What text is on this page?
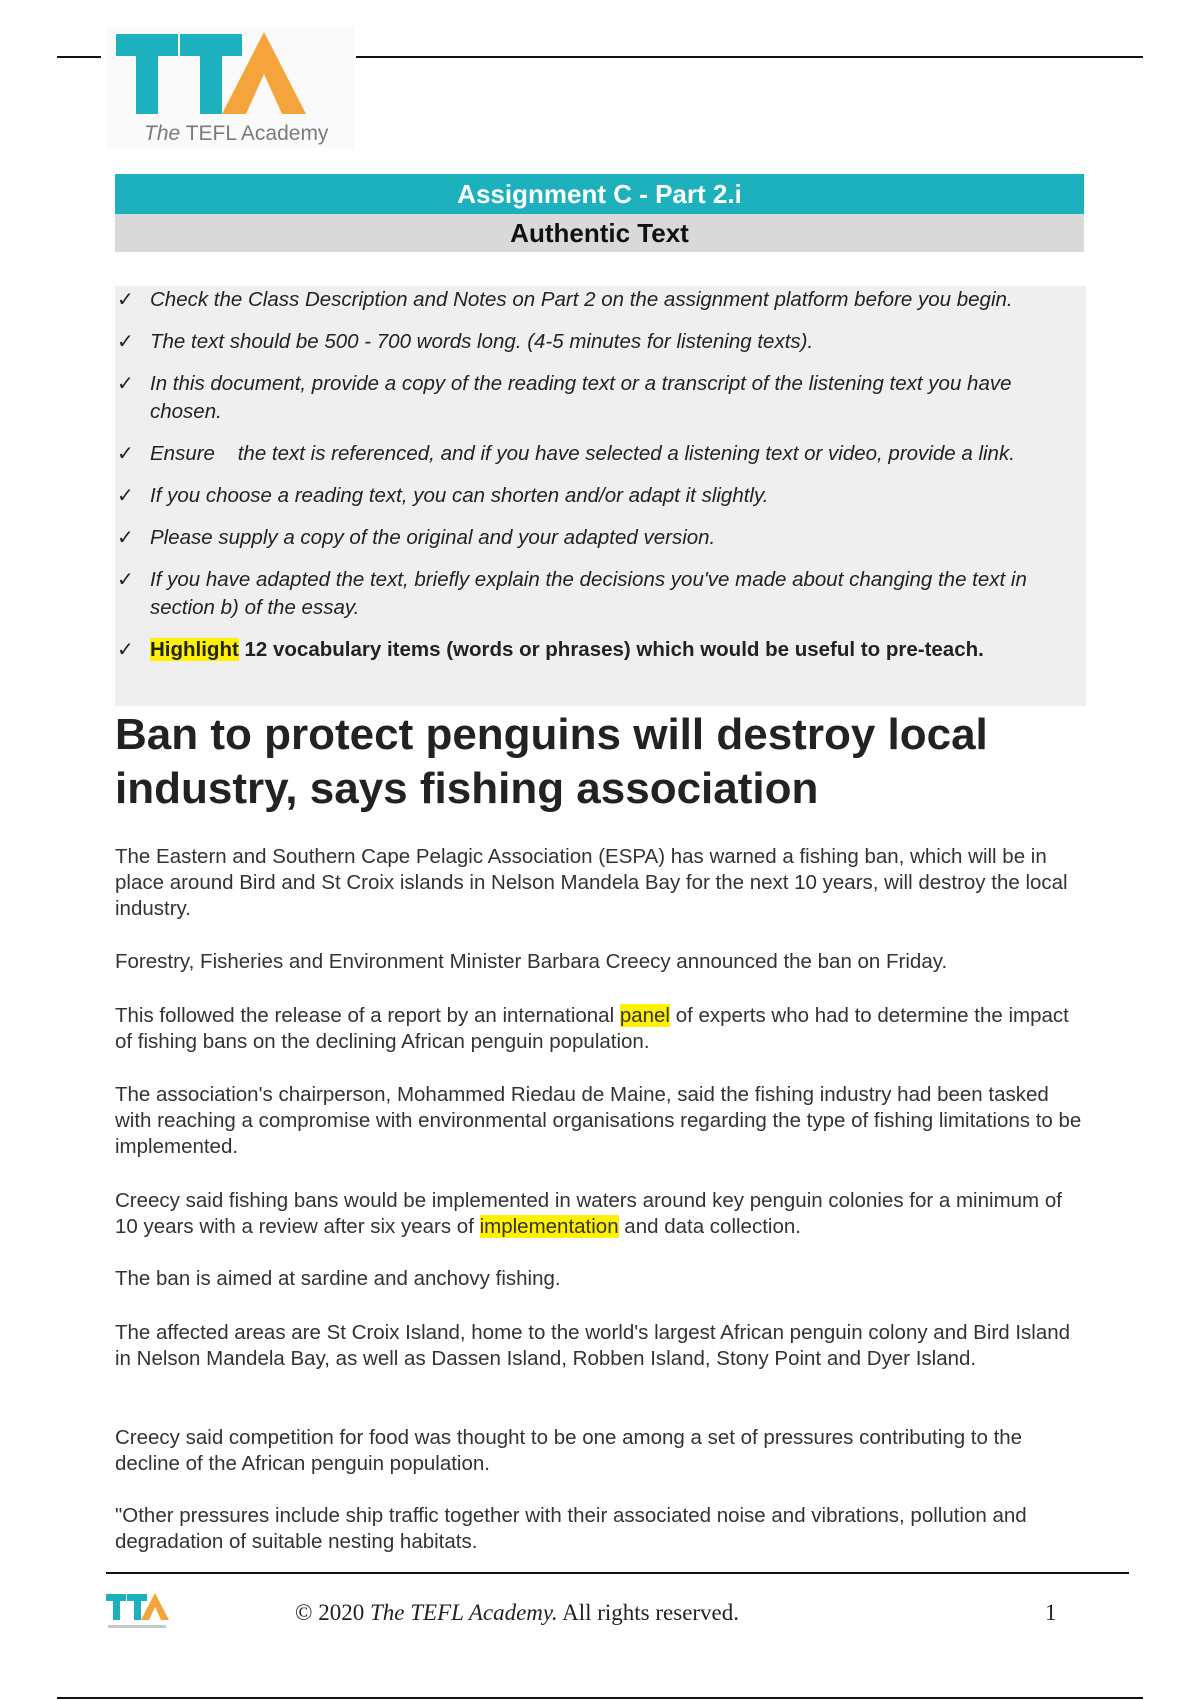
The TEFL Academy
Assignment C - Part 2.i
Authentic Text
✓ Check the Class Description and Notes on Part 2 on the assignment platform before you begin.
✓ The text should be 500 - 700 words long. (4-5 minutes for listening texts).
✓ In this document, provide a copy of the reading text or a transcript of the listening text you have chosen.
✓ Ensure    the text is referenced, and if you have selected a listening text or video, provide a link.
✓ If you choose a reading text, you can shorten and/or adapt it slightly.
✓ Please supply a copy of the original and your adapted version.
✓ If you have adapted the text, briefly explain the decisions you've made about changing the text in section b) of the essay.
✓ Highlight 12 vocabulary items (words or phrases) which would be useful to pre-teach.
Ban to protect penguins will destroy local industry, says fishing association

The Eastern and Southern Cape Pelagic Association (ESPA) has warned a fishing ban, which will be in place around Bird and St Croix islands in Nelson Mandela Bay for the next 10 years, will destroy the local industry.

Forestry, Fisheries and Environment Minister Barbara Creecy announced the ban on Friday.

This followed the release of a report by an international panel of experts who had to determine the impact of fishing bans on the declining African penguin population.

The association's chairperson, Mohammed Riedau de Maine, said the fishing industry had been tasked with reaching a compromise with environmental organisations regarding the type of fishing limitations to be implemented.

Creecy said fishing bans would be implemented in waters around key penguin colonies for a minimum of 10 years with a review after six years of implementation and data collection.

The ban is aimed at sardine and anchovy fishing.

The affected areas are St Croix Island, home to the world's largest African penguin colony and Bird Island in Nelson Mandela Bay, as well as Dassen Island, Robben Island, Stony Point and Dyer Island.

Creecy said competition for food was thought to be one among a set of pressures contributing to the decline of the African penguin population.

"Other pressures include ship traffic together with their associated noise and vibrations, pollution and degradation of suitable nesting habitats.

© 2020 The TEFL Academy. All rights reserved.	1
